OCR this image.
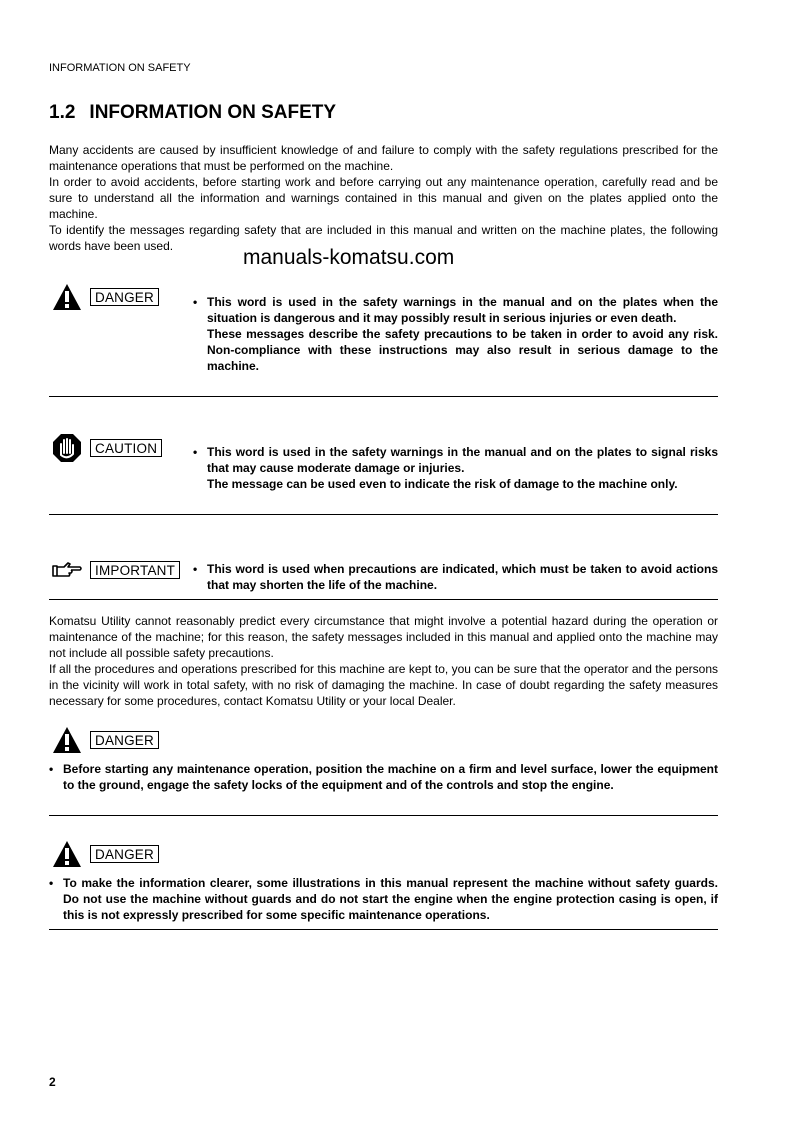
INFORMATION ON SAFETY
1.2 INFORMATION ON SAFETY
Many accidents are caused by insufficient knowledge of and failure to comply with the safety regulations prescribed for the maintenance operations that must be performed on the machine.
In order to avoid accidents, before starting work and before carrying out any maintenance operation, carefully read and be sure to understand all the information and warnings contained in this manual and given on the plates applied onto the machine.
To identify the messages regarding safety that are included in this manual and written on the machine plates, the following words have been used.	manuals-komatsu.com
DANGER	• This word is used in the safety warnings in the manual and on the plates when the situation is dangerous and it may possibly result in serious injuries or even death.
These messages describe the safety precautions to be taken in order to avoid any risk. Non-compliance with these instructions may also result in serious damage to the machine.
CAUTION	• This word is used in the safety warnings in the manual and on the plates to signal risks that may cause moderate damage or injuries.
The message can be used even to indicate the risk of damage to the machine only.
IMPORTANT	• This word is used when precautions are indicated, which must be taken to avoid actions that may shorten the life of the machine.
Komatsu Utility cannot reasonably predict every circumstance that might involve a potential hazard during the operation or maintenance of the machine; for this reason, the safety messages included in this manual and applied onto the machine may not include all possible safety precautions.
If all the procedures and operations prescribed for this machine are kept to, you can be sure that the operator and the persons in the vicinity will work in total safety, with no risk of damaging the machine. In case of doubt regarding the safety measures necessary for some procedures, contact Komatsu Utility or your local Dealer.
DANGER
• Before starting any maintenance operation, position the machine on a firm and level surface, lower the equipment to the ground, engage the safety locks of the equipment and of the controls and stop the engine.
DANGER
• To make the information clearer, some illustrations in this manual represent the machine without safety guards. Do not use the machine without guards and do not start the engine when the engine protection casing is open, if this is not expressly prescribed for some specific maintenance operations.
2
